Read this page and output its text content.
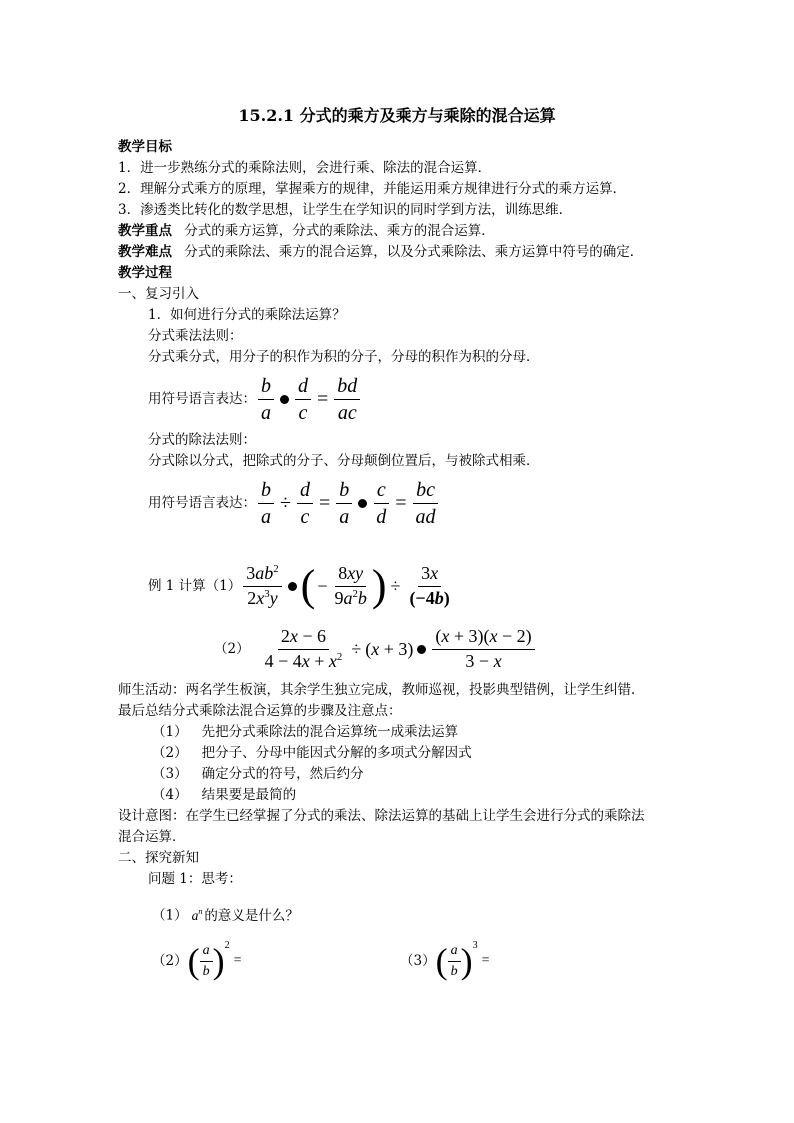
15.2.1 分式的乘方及乘方与乘除的混合运算
教学目标
1．进一步熟练分式的乘除法则，会进行乘、除法的混合运算．
2．理解分式乘方的原理，掌握乘方的规律，并能运用乘方规律进行分式的乘方运算．
3．渗透类比转化的数学思想，让学生在学知识的同时学到方法，训练思维．
教学重点 分式的乘方运算，分式的乘除法、乘方的混合运算．
教学难点 分式的乘除法、乘方的混合运算，以及分式乘除法、乘方运算中符号的确定．
教学过程
一、复习引入
1．如何进行分式的乘除法运算？
分式乘法法则：
分式乘分式，用分子的积作为积的分子，分母的积作为积的分母．
用符号语言表达： $\frac{b}{a} \frac{d}{c} = \frac{bd}{ac}$
分式的除法法则：
分式除以分式，把除式的分子、分母颠倒位置后，与被除式相乘．
用符号语言表达： $\frac{b}{a} \div \frac{d}{c} = \frac{b}{a} \frac{c}{d} = \frac{bc}{ad}$
例 1 计算$(1) \frac{3ab^2}{2x^3y}$ ( − $\frac{8xy}{9a^2b}$ ) ÷ $\frac{3x}{(-4b)}$
$(2) \frac{2x - 6}{4 - 4x + x^2} \div (x + 3) \frac{(x + 3)(x - 2)}{3 - x}$
师生活动：两名学生板演，其余学生独立完成，教师巡视，投影典型错例，让学生纠错．
最后总结分式乘除法混合运算的步骤及注意点：
（1） 先把分式乘除法的混合运算统一成乘法运算
（2） 把分子、分母中能因式分解的多项式分解因式
（3） 确定分式的符号，然后约分
（4） 结果要是最简的
设计意图：在学生已经掌握了分式的乘法、除法运算的基础上让学生会进行分式的乘除法
混合运算．
二、探究新知
问题 1：思考：
（1） $a^n$ 的意义是什么？
（2） ( $\frac{a}{b} )^2$
=	（3） ( $\frac{a}{b} )^3$
=
